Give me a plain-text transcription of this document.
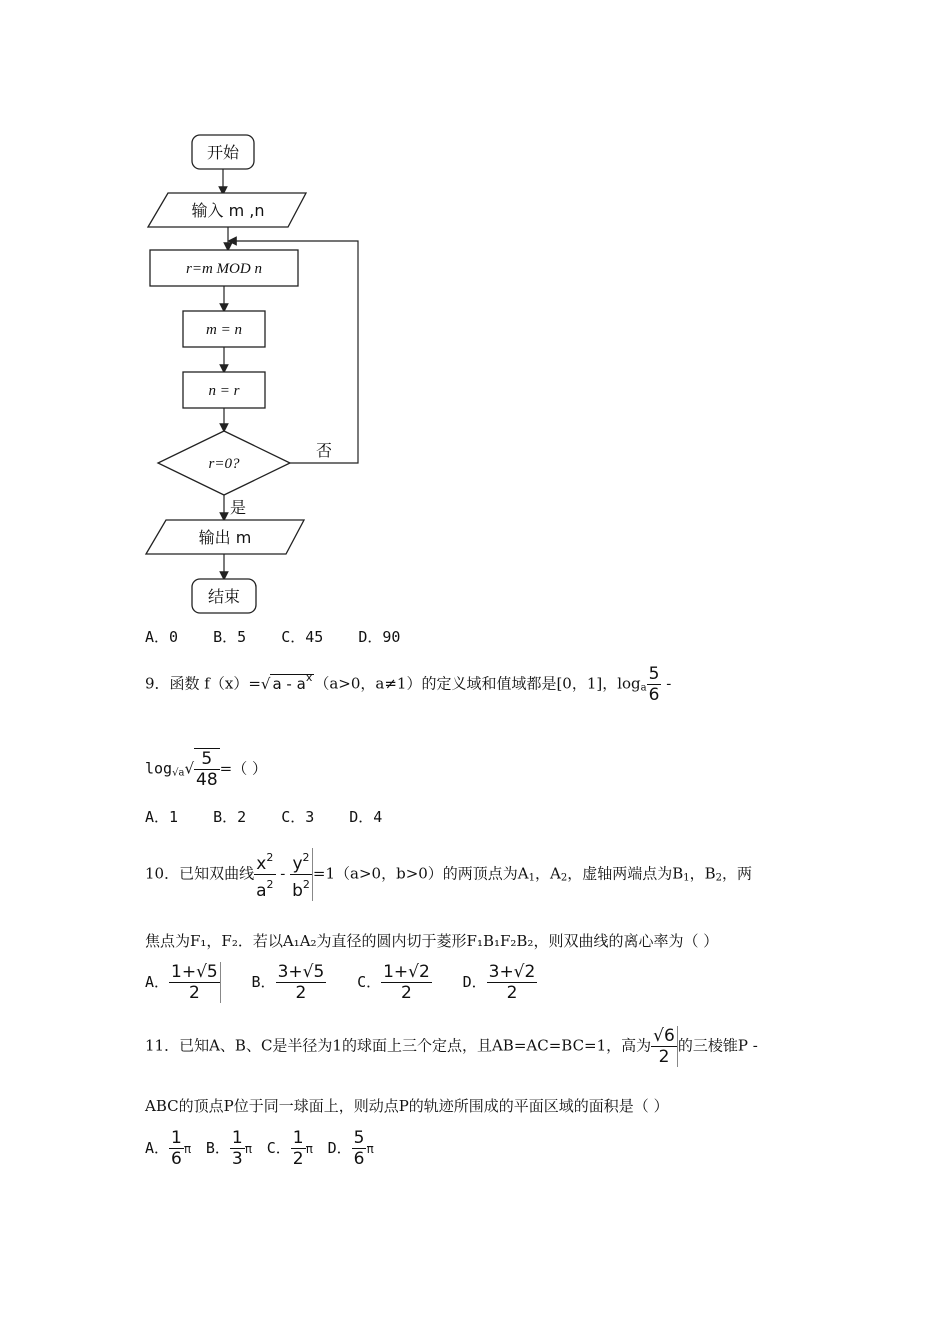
开始
输入 m ,n
r=m MOD n
m = n
n = r
r=0?
否
是
输出 m
结束
A．0 B．5 C．45 D．90
9．函数 f（x）=√ a - $a^x$ （a>0，a≠1）的定义域和值域都是[0，1]，$\log_a \frac{5}{6}$ -
$\log_{√a}√ \frac{5}{48}$ =（ ）
A．1 B．2 C．3 D．4
10．已知双曲线 $\frac{x^2}{a^2} - \frac{y^2}{b^2} =1(a>0$，b>0）的两顶点为$A_1$，$A_2$，虚轴两端点为$B_1$，$B_2$，两
焦点为F₁，F₂．若以A₁A₂为直径的圆内切于菱形F₁B₁F₂B₂，则双曲线的离心率为（ ）
A． $\frac{1+√5}{2}$ B． $\frac{3+√5}{2}$ C． $\frac{1+√2}{2}$ D． $\frac{3+√2}{2}$
11．已知A、B、C是半径为1的球面上三个定点，且AB=AC=BC=1，高为 $\frac{√6}{2}$ 的三棱锥P -
ABC的顶点P位于同一球面上，则动点P的轨迹所围成的平面区域的面积是（ ）
A． $\frac{1}{6}$ π B． $\frac{1}{3}$ π C． $\frac{1}{2}$ π D． $\frac{5}{6}$ π
